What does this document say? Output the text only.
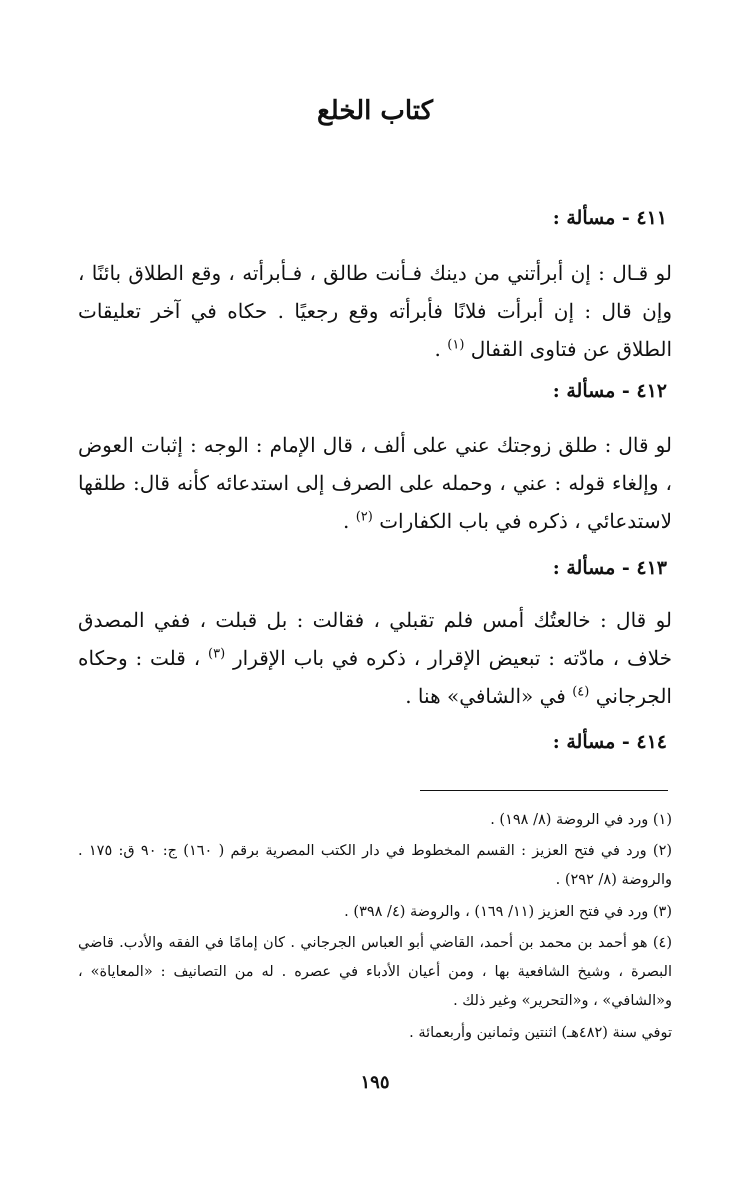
كتاب الخلع
٤١١ - مسألة :
لو قـال : إن أبرأتني من دينك فـأنت طالق ، فـأبرأته ، وقع الطلاق بائنًا ، وإن قال : إن أبرأت فلانًا فأبرأته وقع رجعيًا . حكاه في آخر تعليقات الطلاق عن فتاوى القفال $^{(١)}$ .
٤١٢ - مسألة :
لو قال : طلق زوجتك عني على ألف ، قال الإمام : الوجه : إثبات العوض ، وإلغاء قوله : عني ، وحمله على الصرف إلى استدعائه كأنه قال: طلقها لاستدعائي ، ذكره في باب الكفارات $^{(٢)}$ .
٤١٣ - مسألة :
لو قال : خالعتُك أمس فلم تقبلي ، فقالت : بل قبلت ، ففي المصدق خلاف ، مادّته : تبعيض الإقرار ، ذكره في باب الإقرار $^{(٣)}$ ، قلت : وحكاه الجرجاني $^{(٤)}$ في «الشافي» هنا .
٤١٤ - مسألة :
(١) ورد في الروضة (٨/ ١٩٨) .
(٢) ورد في فتح العزيز : القسم المخطوط في دار الكتب المصرية برقم ( ١٦٠) ج: ٩٠ ق: ١٧٥ . والروضة (٨/ ٢٩٢) .
(٣) ورد في فتح العزيز (١١/ ١٦٩) ، والروضة (٤/ ٣٩٨) .
(٤) هو أحمد بن محمد بن أحمد، القاضي أبو العباس الجرجاني . كان إمامًا في الفقه والأدب. قاضي البصرة ، وشيخ الشافعية بها ، ومن أعيان الأدباء في عصره . له من التصانيف : «المعاياة» ، و«الشافي» ، و«التحرير» وغير ذلك .
توفي سنة (٤٨٢هـ) اثنتين وثمانين وأربعمائة .
١٩٥
